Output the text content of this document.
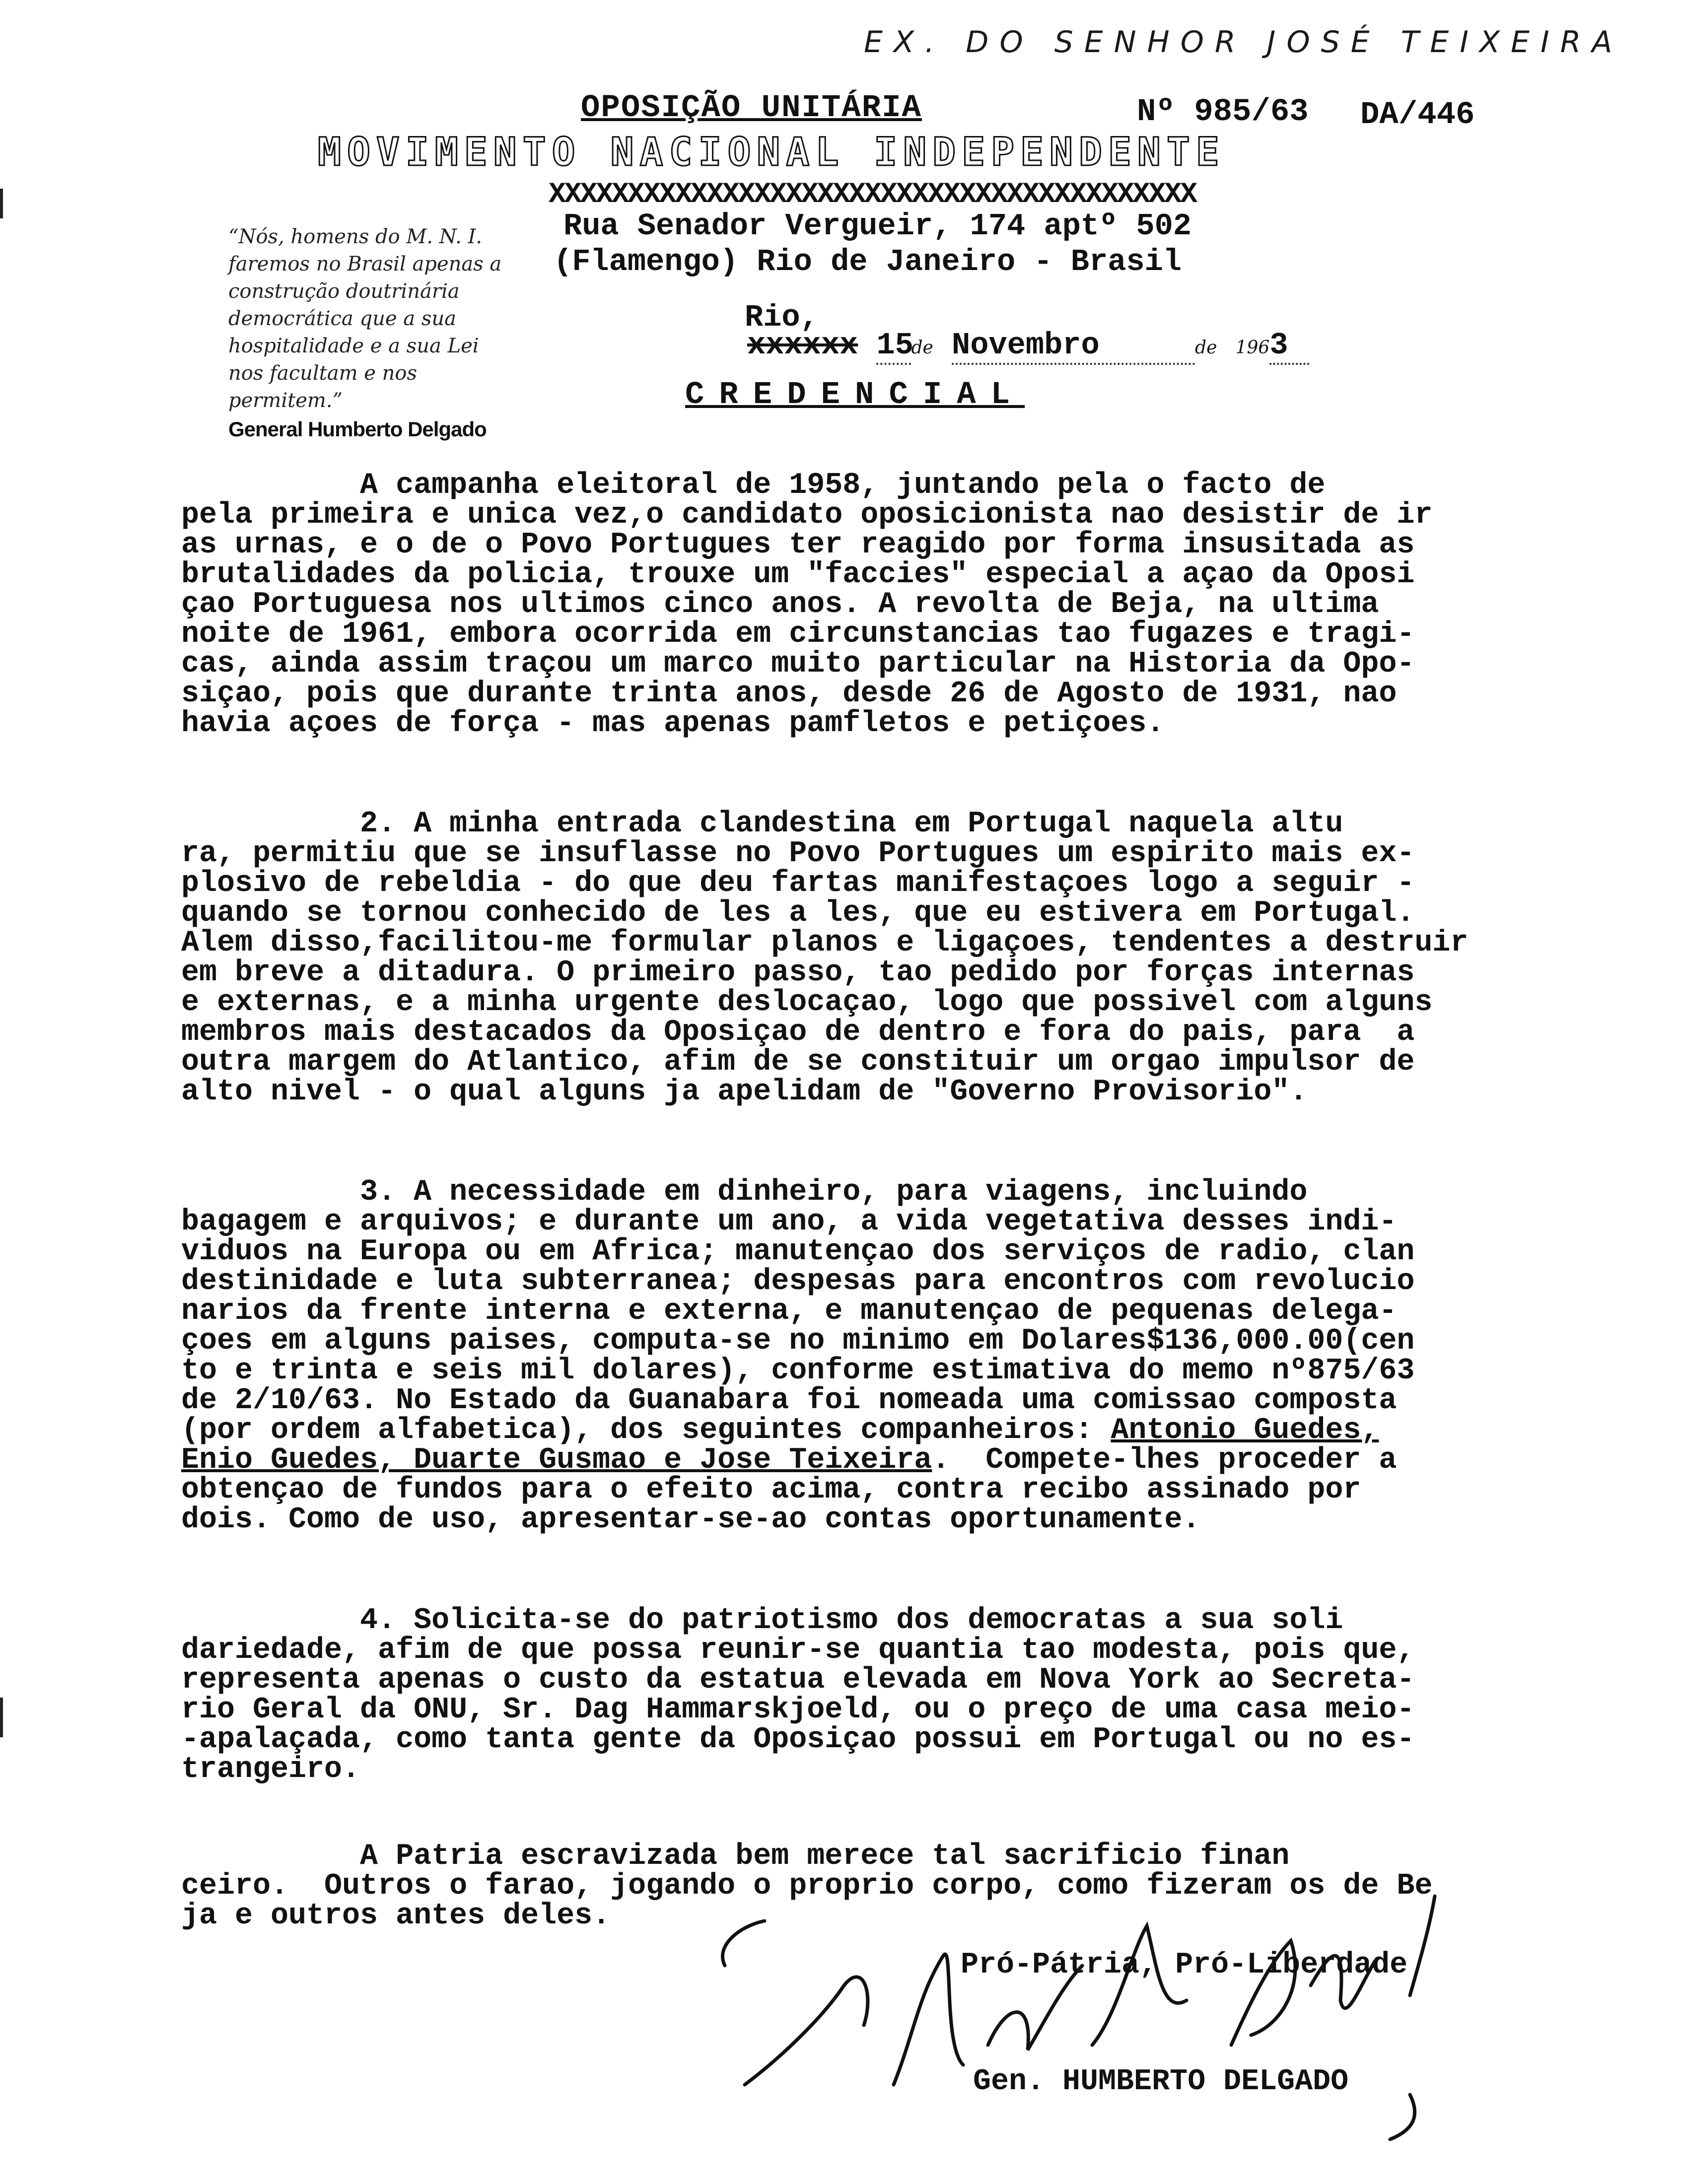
EX. DO SENHOR JOSÉ TEIXEIRA
OPOSIÇÃO UNITÁRIA	Nº 985/63 DA/446
MOVIMENTO NACIONAL INDEPENDENTE
XXXXXXXXXXXXXXXXXXXXXXXXXXXXXXXXXXXXXXXXX
Rua Senador Vergueir, 174 aptº 502
(Flamengo) Rio de Janeiro - Brasil
“Nós, homens do M. N. I. faremos no Brasil apenas a construção doutrinária democrática que a sua hospitalidade e a sua Lei nos facultam e nos permitem.”
General Humberto Delgado
Rio,
xxxxxx 15de Novembro	de 1963
CREDENCIAL
A campanha eleitoral de 1958, juntando pela o facto de
pela primeira e unica vez,o candidato oposicionista nao desistir de ir
as urnas, e o de o Povo Portugues ter reagido por forma insusitada as
brutalidades da policia, trouxe um "faccies" especial a açao da Oposi
çao Portuguesa nos ultimos cinco anos. A revolta de Beja, na ultima
noite de 1961, embora ocorrida em circunstancias tao fugazes e tragi-
cas, ainda assim traçou um marco muito particular na Historia da Opo-
siçao, pois que durante trinta anos, desde 26 de Agosto de 1931, nao
havia açoes de força - mas apenas pamfletos e petiçoes.
2. A minha entrada clandestina em Portugal naquela altu
ra, permitiu que se insuflasse no Povo Portugues um espirito mais ex-
plosivo de rebeldia - do que deu fartas manifestaçoes logo a seguir -
quando se tornou conhecido de les a les, que eu estivera em Portugal.
Alem disso,facilitou-me formular planos e ligaçoes, tendentes a destruir
em breve a ditadura. O primeiro passo, tao pedido por forças internas
e externas, e a minha urgente deslocaçao, logo que possivel com alguns
membros mais destacados da Oposiçao de dentro e fora do pais, para  a
outra margem do Atlantico, afim de se constituir um orgao impulsor de
alto nivel - o qual alguns ja apelidam de "Governo Provisorio".
3. A necessidade em dinheiro, para viagens, incluindo
bagagem e arquivos; e durante um ano, a vida vegetativa desses indi-
viduos na Europa ou em Africa; manutençao dos serviços de radio, clan
destinidade e luta subterranea; despesas para encontros com revolucio
narios da frente interna e externa, e manutençao de pequenas delega-
çoes em alguns paises, computa-se no minimo em Dolares$136,000.00(cen
to e trinta e seis mil dolares), conforme estimativa do memo nº875/63
de 2/10/63. No Estado da Guanabara foi nomeada uma comissao composta
(por ordem alfabetica), dos seguintes companheiros: Antonio Guedes,
Enio Guedes, Duarte Gusmao e Jose Teixeira.  Compete-lhes proceder a
obtençao de fundos para o efeito acima, contra recibo assinado por
dois. Como de uso, apresentar-se-ao contas oportunamente.
4. Solicita-se do patriotismo dos democratas a sua soli
dariedade, afim de que possa reunir-se quantia tao modesta, pois que,
representa apenas o custo da estatua elevada em Nova York ao Secreta-
rio Geral da ONU, Sr. Dag Hammarskjoeld, ou o preço de uma casa meio-
-apalaçada, como tanta gente da Oposiçao possui em Portugal ou no es-
trangeiro.
A Patria escravizada bem merece tal sacrificio finan
ceiro.  Outros o farao, jogando o proprio corpo, como fizeram os de Be
ja e outros antes deles.
Pró-Pátria, Pró-Liberdade
Gen. HUMBERTO DELGADO
